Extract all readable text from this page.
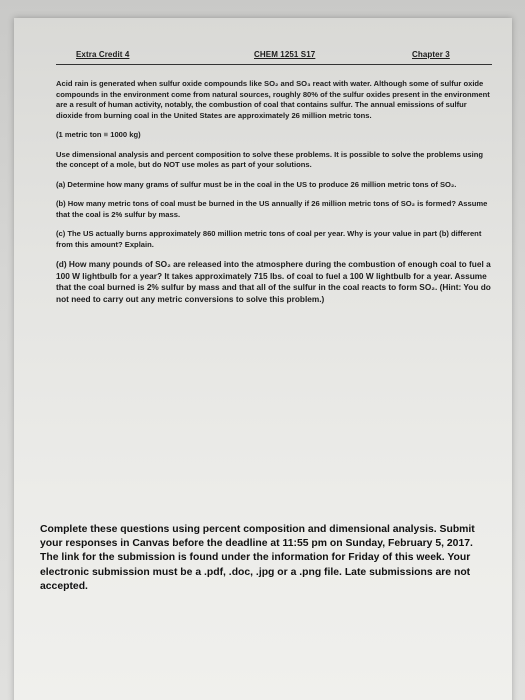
Extra Credit 4	CHEM 1251 S17	Chapter 3

Acid rain is generated when sulfur oxide compounds like SO₂ and SO₃ react with water. Although some of sulfur oxide compounds in the environment come from natural sources, roughly 80% of the sulfur oxides present in the environment are a result of human activity, notably, the combustion of coal that contains sulfur. The annual emissions of sulfur dioxide from burning coal in the United States are approximately 26 million metric tons.

(1 metric ton ≡ 1000 kg)

Use dimensional analysis and percent composition to solve these problems. It is possible to solve the problems using the concept of a mole, but do NOT use moles as part of your solutions.

(a) Determine how many grams of sulfur must be in the coal in the US to produce 26 million metric tons of SO₂.

(b) How many metric tons of coal must be burned in the US annually if 26 million metric tons of SO₂ is formed? Assume that the coal is 2% sulfur by mass.

(c) The US actually burns approximately 860 million metric tons of coal per year. Why is your value in part (b) different from this amount? Explain.

(d) How many pounds of SO₂ are released into the atmosphere during the combustion of enough coal to fuel a 100 W lightbulb for a year? It takes approximately 715 lbs. of coal to fuel a 100 W lightbulb for a year. Assume that the coal burned is 2% sulfur by mass and that all of the sulfur in the coal reacts to form SO₂. (Hint: You do not need to carry out any metric conversions to solve this problem.)

Complete these questions using percent composition and dimensional analysis. Submit your responses in Canvas before the deadline at 11:55 pm on Sunday, February 5, 2017. The link for the submission is found under the information for Friday of this week. Your electronic submission must be a .pdf, .doc, .jpg or a .png file. Late submissions are not accepted.
